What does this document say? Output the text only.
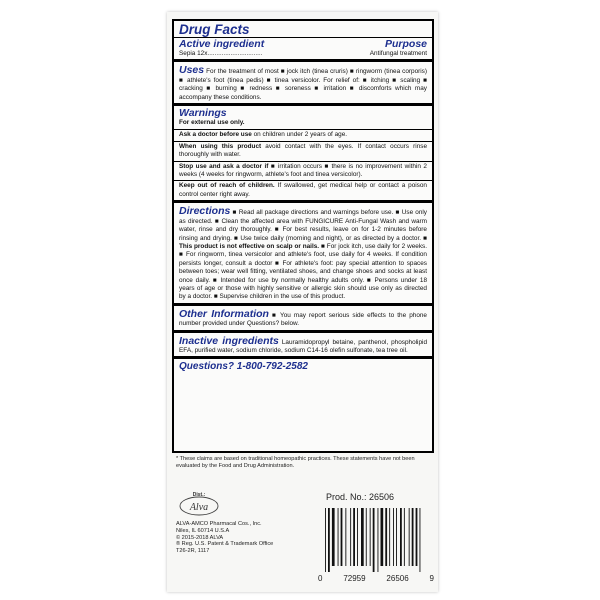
Drug Facts
Active ingredient	Purpose
Sepia 12x ...............................	Antifungal treatment
Uses For the treatment of most ■ jock itch (tinea cruris) ■ ringworm (tinea corporis) ■ athlete's foot (tinea pedis) ■ tinea versicolor. For relief of: ■ itching ■ scaling ■ cracking ■ burning ■ redness ■ soreness ■ irritation ■ discomforts which may accompany these conditions.
Warnings
For external use only.
Ask a doctor before use on children under 2 years of age.
When using this product avoid contact with the eyes. If contact occurs rinse thoroughly with water.
Stop use and ask a doctor if ■ irritation occurs ■ there is no improvement within 2 weeks (4 weeks for ringworm, athlete's foot and tinea versicolor).
Keep out of reach of children. If swallowed, get medical help or contact a poison control center right away.
Directions ■ Read all package directions and warnings before use. ■ Use only as directed. ■ Clean the affected area with FUNGICURE Anti-Fungal Wash and warm water, rinse and dry thoroughly. ■ For best results, leave on for 1-2 minutes before rinsing and drying. ■ Use twice daily (morning and night), or as directed by a doctor. ■ This product is not effective on scalp or nails. ■ For jock itch, use daily for 2 weeks. ■ For ringworm, tinea versicolor and athlete's foot, use daily for 4 weeks. If condition persists longer, consult a doctor ■ For athlete's foot: pay special attention to spaces between toes; wear well fitting, ventilated shoes, and change shoes and socks at least once daily. ■ Intended for use by normally healthy adults only. ■ Persons under 18 years of age or those with highly sensitive or allergic skin should use only as directed by a doctor. ■ Supervise children in the use of this product.
Other Information ■ You may report serious side effects to the phone number provided under Questions? below.
Inactive ingredients Lauramidopropyl betaine, panthenol, phospholipid EFA, purified water, sodium chloride, sodium C14-16 olefin sulfonate, tea tree oil.
Questions? 1-800-792-2582
* These claims are based on traditional homeopathic practices. These statements have not been evaluated by the Food and Drug Administration.
Dist.:
Alva
Prod. No.: 26506
ALVA-AMCO Pharmacal Cos., Inc.
Niles, IL 60714 U.S.A
© 2015-2018 ALVA
® Reg. U.S. Patent & Trademark Office
T26-2R, 1117
0	72959	26506	9
